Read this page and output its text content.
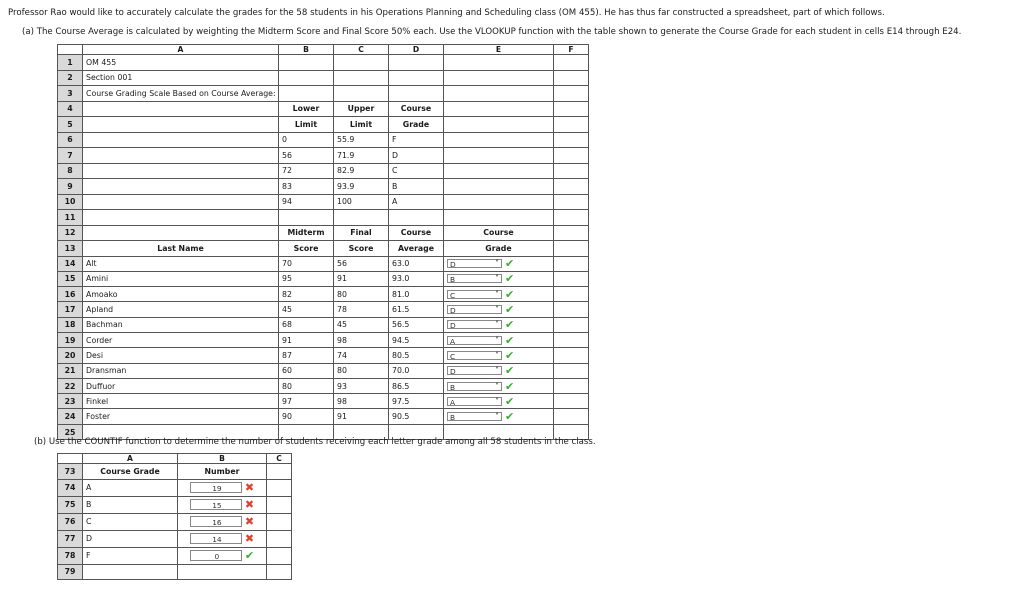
Professor Rao would like to accurately calculate the grades for the 58 students in his Operations Planning and Scheduling class (OM 455). He has thus far constructed a spreadsheet, part of which follows.
(a) The Course Average is calculated by weighting the Midterm Score and Final Score 50% each. Use the VLOOKUP function with the table shown to generate the Course Grade for each student in cells E14 through E24.
	A	B	C	D	E	F
1	OM 455					
2	Section 001					
3	Course Grading Scale Based on Course Average:					
4		Lower	Upper	Course		
5		Limit	Limit	Grade		
6		0	55.9	F		
7		56	71.9	D		
8		72	82.9	C		
9		83	93.9	B		
10		94	100	A		
11						
12		Midterm	Final	Course	Course	
13	Last Name	Score	Score	Average	Grade	
14	Alt	70	56	63.0	D ˅ ✔	
15	Amini	95	91	93.0	B ˅ ✔	
16	Amoako	82	80	81.0	C ˅ ✔	
17	Apland	45	78	61.5	D ˅ ✔	
18	Bachman	68	45	56.5	D ˅ ✔	
19	Corder	91	98	94.5	A ˅ ✔	
20	Desi	87	74	80.5	C ˅ ✔	
21	Dransman	60	80	70.0	D ˅ ✔	
22	Duffuor	80	93	86.5	B ˅ ✔	
23	Finkel	97	98	97.5	A ˅ ✔	
24	Foster	90	91	90.5	B ˅ ✔	
25						
(b) Use the COUNTIF function to determine the number of students receiving each letter grade among all 58 students in the class.
	A	B	C
73	Course Grade	Number	
74	A	19 ✖	
75	B	15 ✖	
76	C	16 ✖	
77	D	14 ✖	
78	F	0 ✔	
79			
